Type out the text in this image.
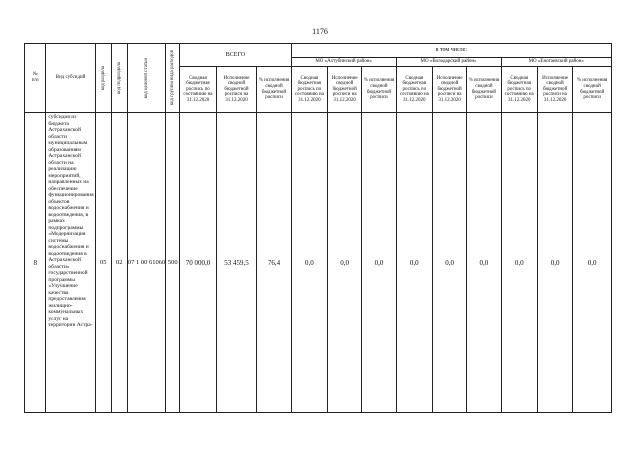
1176
№
п/п	Вид субсидий	код раздела	код подраздела	код целевой статьи	код группы вида расходов	ВСЕГО			в том числе:								
									МО «Ахтубинский район»			МО «Володарский район»			МО «Енотаевский район»		
						Сводная бюджетная роспись по состоянию на 31.12.2020	Исполнение сводной бюджетной росписи на 31.12.2020	% исполнения сводной бюджетной росписи	Сводная бюджетная роспись по состоянию на 31.12.2020	Исполнение сводной бюджетной росписи на 31.12.2020	% исполнения сводной бюджетной росписи	Сводная бюджетная роспись по состоянию на 31.12.2020	Исполнение сводной бюджетной росписи на 31.12.2020	% исполнения сводной бюджетной росписи	Сводная бюджетная роспись по состоянию на 31.12.2020	Исполнение сводной бюджетной росписи на 31.12.2020	% исполнения сводной бюджетной росписи
8	субсидия из бюджета Астраханской области муниципальным образованиям Астраханской области на реализацию мероприятий, направленных на обеспечение функционирования объектов водоснабжения и водоотведения, в рамках подпрограммы «Модернизация системы водоснабжения и водоотведения в Астраханской области» государственной программы «Улучшение качества предоставления жилищно-коммунальных услуг на территории Астра-	05	02	07 1 00 61060	500	70 000,0	53 459,5	76,4	0,0	0,0	0,0	0,0	0,0	0,0	0,0	0,0	0,0
